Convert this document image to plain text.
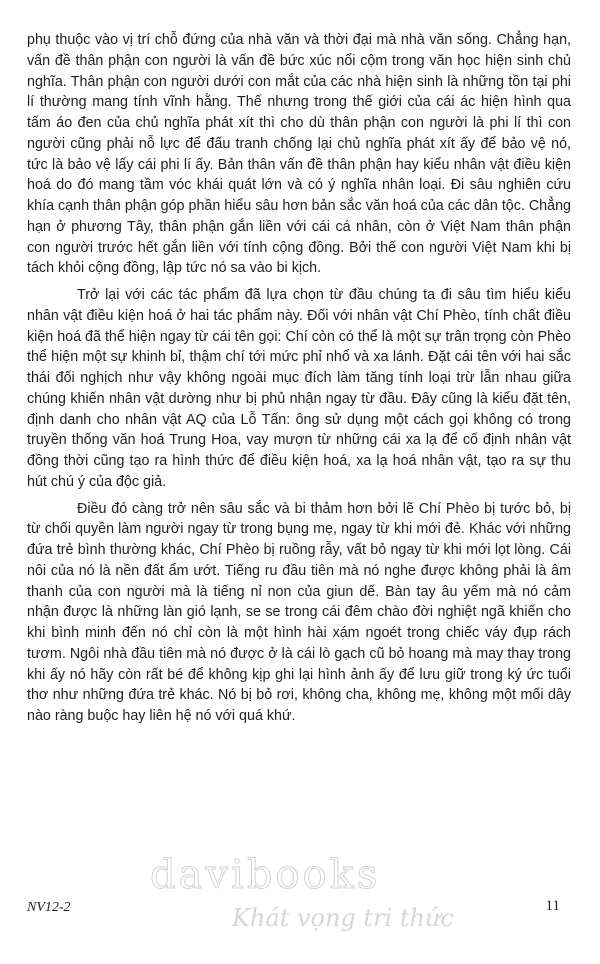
phụ thuộc vào vị trí chỗ đứng của nhà văn và thời đại mà nhà văn sống. Chẳng hạn, vấn đề thân phận con người là vấn đề bức xúc nổi cộm trong văn học hiện sinh chủ nghĩa. Thân phận con người dưới con mắt của các nhà hiện sinh là những tồn tại phi lí thường mang tính vĩnh hằng. Thế nhưng trong thế giới của cái ác hiện hình qua tấm áo đen của chủ nghĩa phát xít thì cho dù thân phận con người là phi lí thì con người cũng phải nỗ lực để đấu tranh chống lại chủ nghĩa phát xít ấy để bảo vệ nó, tức là bảo vệ lấy cái phi lí ấy. Bản thân vấn đề thân phận hay kiểu nhân vật điều kiện hoá do đó mang tầm vóc khái quát lớn và có ý nghĩa nhân loại. Đi sâu nghiên cứu khía cạnh thân phận góp phần hiểu sâu hơn bản sắc văn hoá của các dân tộc. Chẳng hạn ở phương Tây, thân phận gắn liền với cái cá nhân, còn ở Việt Nam thân phận con người trước hết gắn liền với tính cộng đồng. Bởi thế con người Việt Nam khi bị tách khỏi cộng đồng, lập tức nó sa vào bi kịch.

Trở lại với các tác phẩm đã lựa chọn từ đầu chúng ta đi sâu tìm hiểu kiểu nhân vật điều kiện hoá ở hai tác phẩm này. Đối với nhân vật Chí Phèo, tính chất điều kiện hoá đã thể hiện ngay từ cái tên gọi: Chí còn có thể là một sự trân trọng còn Phèo thể hiện một sự khinh bỉ, thậm chí tới mức phỉ nhổ và xa lánh. Đặt cái tên với hai sắc thái đối nghịch như vậy không ngoài mục đích làm tăng tính loại trừ lẫn nhau giữa chúng khiến nhân vật dường như bị phủ nhận ngay từ đầu. Đây cũng là kiểu đặt tên, định danh cho nhân vật AQ của Lỗ Tấn: ông sử dụng một cách gọi không có trong truyền thống văn hoá Trung Hoa, vay mượn từ những cái xa lạ để cố định nhân vật đồng thời cũng tạo ra hình thức để điều kiện hoá, xa lạ hoá nhân vật, tạo ra sự thu hút chú ý của độc giả.

Điều đó càng trở nên sâu sắc và bi thảm hơn bởi lẽ Chí Phèo bị tước bỏ, bị từ chối quyền làm người ngay từ trong bụng mẹ, ngay từ khi mới đẻ. Khác với những đứa trẻ bình thường khác, Chí Phèo bị ruồng rẫy, vất bỏ ngay từ khi mới lọt lòng. Cái nôi của nó là nền đất ẩm ướt. Tiếng ru đầu tiên mà nó nghe được không phải là âm thanh của con người mà là tiếng nỉ non của giun dế. Bàn tay âu yếm mà nó cảm nhận được là những làn gió lạnh, se se trong cái đêm chào đời nghiệt ngã khiến cho khi bình minh đến nó chỉ còn là một hình hài xám ngoét trong chiếc váy đụp rách tươm. Ngôi nhà đầu tiên mà nó được ở là cái lò gạch cũ bỏ hoang mà may thay trong khi ấy nó hãy còn rất bé để không kịp ghi lại hình ảnh ấy để lưu giữ trong ký ức tuổi thơ như những đứa trẻ khác. Nó bị bỏ rơi, không cha, không mẹ, không một mối dây nào ràng buộc hay liên hệ nó với quá khứ.

NV12-2	11
davibooks
Khát vọng tri thức
